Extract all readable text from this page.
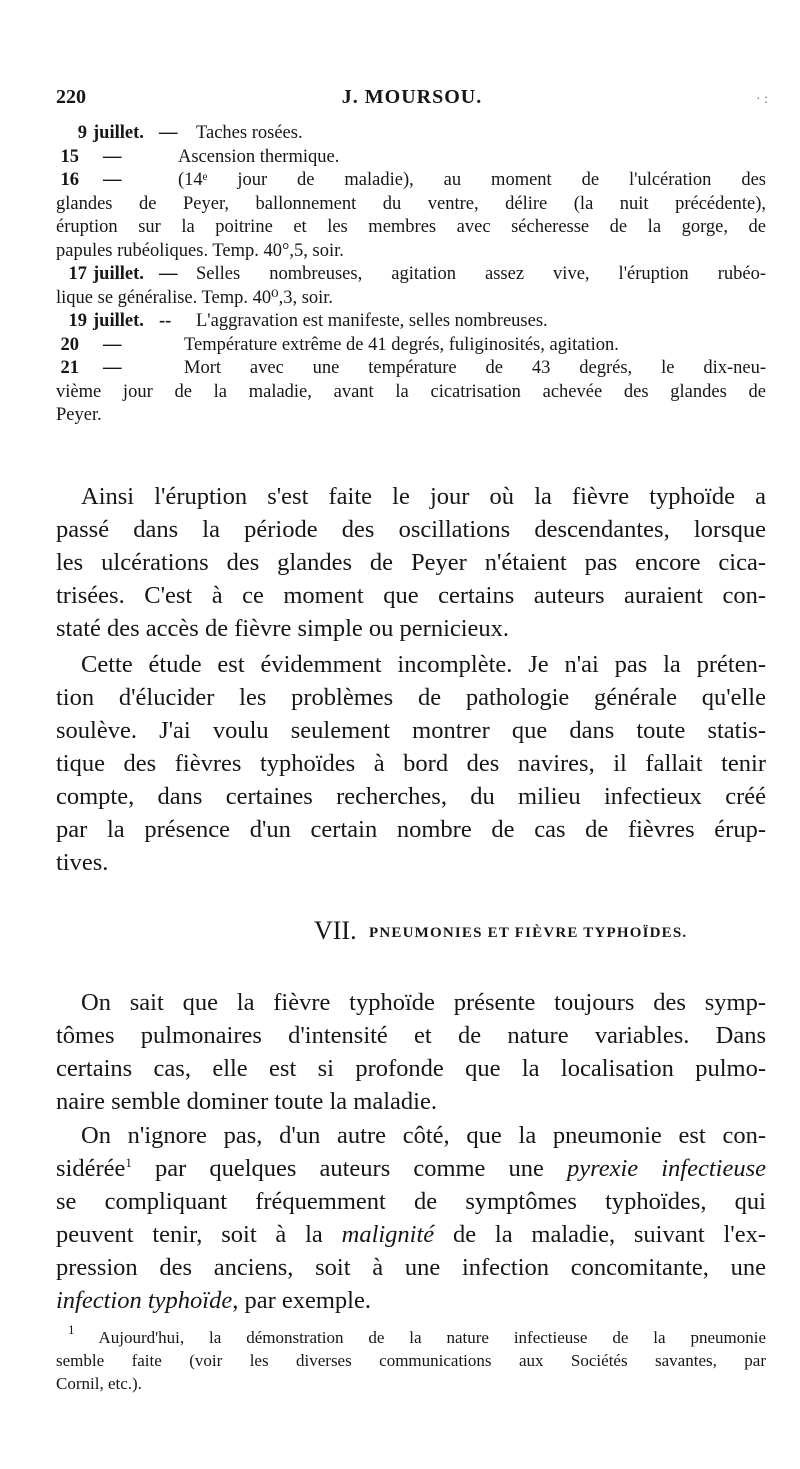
220	J. MOURSOU.	· :
9 juillet. —	Taches rosées.
15 —	Ascension thermique.
16 —	(14ᵉ jour de maladie), au moment de l'ulcération des
glandes de Peyer, ballonnement du ventre, délire (la nuit précédente),
éruption sur la poitrine et les membres avec sécheresse de la gorge, de
papules rubéoliques. Temp. 40°,5, soir.
17 juillet. —	Selles nombreuses, agitation assez vive, l'éruption rubéo-
lique se généralise. Temp. 40⁰,3, soir.
19 juillet. --	L'aggravation est manifeste, selles nombreuses.
20 —	Température extrême de 41 degrés, fuliginosités, agitation.
21 —	Mort avec une température de 43 degrés, le dix-neu-
vième jour de la maladie, avant la cicatrisation achevée des glandes de
Peyer.
Ainsi l'éruption s'est faite le jour où la fièvre typhoïde a
passé dans la période des oscillations descendantes, lorsque
les ulcérations des glandes de Peyer n'étaient pas encore cica-
trisées. C'est à ce moment que certains auteurs auraient con-
staté des accès de fièvre simple ou pernicieux.
Cette étude est évidemment incomplète. Je n'ai pas la préten-
tion d'élucider les problèmes de pathologie générale qu'elle
soulève. J'ai voulu seulement montrer que dans toute statis-
tique des fièvres typhoïdes à bord des navires, il fallait tenir
compte, dans certaines recherches, du milieu infectieux créé
par la présence d'un certain nombre de cas de fièvres érup-
tives.
VII. PNEUMONIES ET FIÈVRE TYPHOÏDES.
On sait que la fièvre typhoïde présente toujours des symp-
tômes pulmonaires d'intensité et de nature variables. Dans
certains cas, elle est si profonde que la localisation pulmo-
naire semble dominer toute la maladie.
On n'ignore pas, d'un autre côté, que la pneumonie est con-
sidérée$^1$ par quelques auteurs comme une pyrexie infectieuse
se compliquant fréquemment de symptômes typhoïdes, qui
peuvent tenir, soit à la malignité de la maladie, suivant l'ex-
pression des anciens, soit à une infection concomitante, une
infection typhoïde, par exemple.
$^1$ Aujourd'hui, la démonstration de la nature infectieuse de la pneumonie
semble faite (voir les diverses communications aux Sociétés savantes, par
Cornil, etc.).
